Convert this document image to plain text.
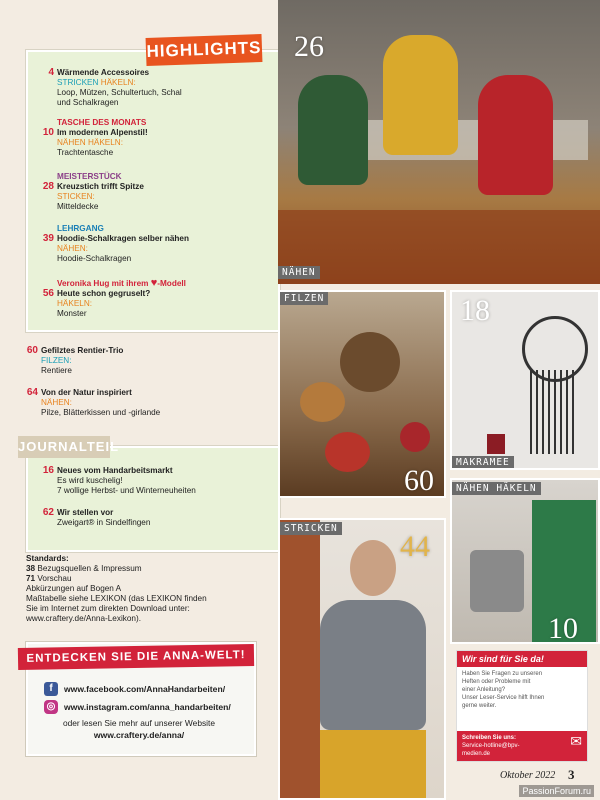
HIGHLIGHTS
4 Wärmende Accessoires
STRICKEN HÄKELN:
Loop, Mützen, Schultertuch, Schal
und Schalkragen
TASCHE DES MONATS
10 Im modernen Alpenstil!
NÄHEN HÄKELN:
Trachtentasche
MEISTERSTÜCK
28 Kreuzstich trifft Spitze
STICKEN:
Mitteldecke
LEHRGANG
39 Hoodie-Schalkragen selber nähen
NÄHEN:
Hoodie-Schalkragen
Veronika Hug mit ihrem ♥-Modell
56 Heute schon gegruselt?
HÄKELN:
Monster
60 Gefilztes Rentier-Trio
FILZEN:
Rentiere
64 Von der Natur inspiriert
NÄHEN:
Pilze, Blätterkissen und -girlande
JOURNALTEIL
16 Neues vom Handarbeitsmarkt
Es wird kuschelig!
7 wollige Herbst- und Winterneuheiten
62 Wir stellen vor
Zweigart® in Sindelfingen
Standards:
38 Bezugsquellen & Impressum
71 Vorschau
Abkürzungen auf Bogen A
Maßtabelle siehe LEXIKON (das LEXIKON finden
Sie im Internet zum direkten Download unter:
www.craftery.de/Anna-Lexikon).
ENTDECKEN SIE DIE ANNA-WELT!
f	www.facebook.com/AnnaHandarbeiten/
◎	www.instagram.com/anna_handarbeiten/
oder lesen Sie mehr auf unserer Website
www.craftery.de/anna/
26
NÄHEN
FILZEN
60
18
MAKRAMEE
NÄHEN HÄKELN
10
STRICKEN
44
Wir sind für Sie da!
Haben Sie Fragen zu unseren
Heften oder Probleme mit
einer Anleitung?
Unser Leser-Service hilft Ihnen
gerne weiter.
Schreiben Sie uns:
Service-hotline@bpv-
medien.de
✉
Oktober 2022 3
PassionForum.ru
